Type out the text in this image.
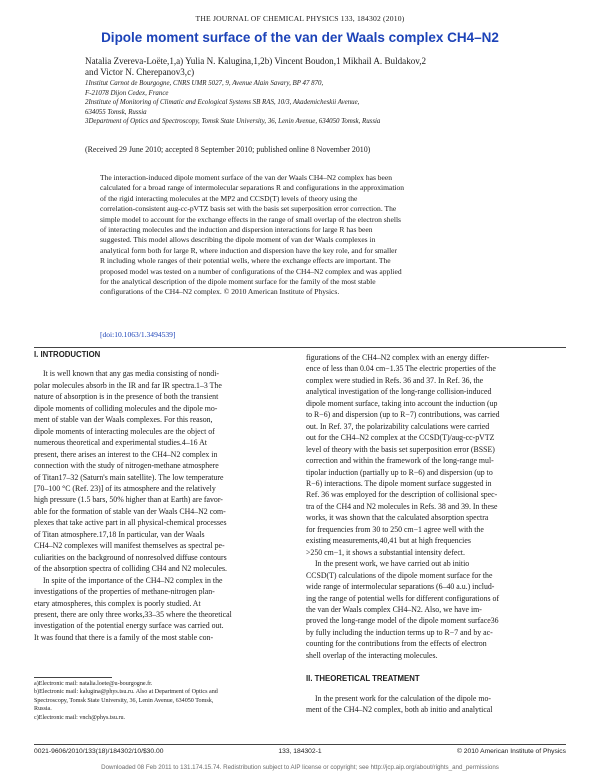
THE JOURNAL OF CHEMICAL PHYSICS 133, 184302 (2010)
Dipole moment surface of the van der Waals complex CH4–N2
Natalia Zvereva-Loëte,1,a) Yulia N. Kalugina,1,2b) Vincent Boudon,1 Mikhail A. Buldakov,2
and Victor N. Cherepanov3,c)
1Institut Carnot de Bourgogne, CNRS UMR 5027, 9, Avenue Alain Savary, BP 47 870,
F-21078 Dijon Cedex, France
2Institute of Monitoring of Climatic and Ecological Systems SB RAS, 10/3, Akademicheskii Avenue,
634055 Tomsk, Russia
3Department of Optics and Spectroscopy, Tomsk State University, 36, Lenin Avenue, 634050 Tomsk, Russia
(Received 29 June 2010; accepted 8 September 2010; published online 8 November 2010)
The interaction-induced dipole moment surface of the van der Waals CH4–N2 complex has been
calculated for a broad range of intermolecular separations R and configurations in the approximation
of the rigid interacting molecules at the MP2 and CCSD(T) levels of theory using the
correlation-consistent aug-cc-pVTZ basis set with the basis set superposition error correction. The
simple model to account for the exchange effects in the range of small overlap of the electron shells
of interacting molecules and the induction and dispersion interactions for large R has been
suggested. This model allows describing the dipole moment of van der Waals complexes in
analytical form both for large R, where induction and dispersion have the key role, and for smaller
R including whole ranges of their potential wells, where the exchange effects are important. The
proposed model was tested on a number of configurations of the CH4–N2 complex and was applied
for the analytical description of the dipole moment surface for the family of the most stable
configurations of the CH4–N2 complex. © 2010 American Institute of Physics.
[doi:10.1063/1.3494539]
I. INTRODUCTION
It is well known that any gas media consisting of nondi-
polar molecules absorb in the IR and far IR spectra.1–3 The
nature of absorption is in the presence of both the transient
dipole moments of colliding molecules and the dipole mo-
ment of stable van der Waals complexes. For this reason,
dipole moments of interacting molecules are the object of
numerous theoretical and experimental studies.4–16 At
present, there arises an interest to the CH4–N2 complex in
connection with the study of nitrogen-methane atmosphere
of Titan17–32 (Saturn's main satellite). The low temperature
[70–100 °C (Ref. 23)] of its atmosphere and the relatively
high pressure (1.5 bars, 50% higher than at Earth) are favor-
able for the formation of stable van der Waals CH4–N2 com-
plexes that take active part in all physical-chemical processes
of Titan atmosphere.17,18 In particular, van der Waals
CH4–N2 complexes will manifest themselves as spectral pe-
culiarities on the background of nonresolved diffuse contours
of the absorption spectra of colliding CH4 and N2 molecules.
In spite of the importance of the CH4–N2 complex in the
investigations of the properties of methane-nitrogen plan-
etary atmospheres, this complex is poorly studied. At
present, there are only three works,33–35 where the theoretical
investigation of the potential energy surface was carried out.
It was found that there is a family of the most stable con-
figurations of the CH4–N2 complex with an energy differ-
ence of less than 0.04 cm−1.35 The electric properties of the
complex were studied in Refs. 36 and 37. In Ref. 36, the
analytical investigation of the long-range collision-induced
dipole moment surface, taking into account the induction (up
to R−6) and dispersion (up to R−7) contributions, was carried
out. In Ref. 37, the polarizability calculations were carried
out for the CH4–N2 complex at the CCSD(T)/aug-cc-pVTZ
level of theory with the basis set superposition error (BSSE)
correction and within the framework of the long-range mul-
tipolar induction (partially up to R−6) and dispersion (up to
R−6) interactions. The dipole moment surface suggested in
Ref. 36 was employed for the description of collisional spec-
tra of the CH4 and N2 molecules in Refs. 38 and 39. In these
works, it was shown that the calculated absorption spectra
for frequencies from 30 to 250 cm−1 agree well with the
existing measurements,40,41 but at high frequencies
>250 cm−1, it shows a substantial intensity defect.
In the present work, we have carried out ab initio
CCSD(T) calculations of the dipole moment surface for the
wide range of intermolecular separations (6–40 a.u.) includ-
ing the range of potential wells for different configurations of
the van der Waals complex CH4–N2. Also, we have im-
proved the long-range model of the dipole moment surface36
by fully including the induction terms up to R−7 and by ac-
counting for the contributions from the effects of electron
shell overlap of the interacting molecules.
II. THEORETICAL TREATMENT
In the present work for the calculation of the dipole mo-
ment of the CH4–N2 complex, both ab initio and analytical
a)Electronic mail: natalia.loete@u-bourgogne.fr.
b)Electronic mail: kalugina@phys.tsu.ru. Also at Department of Optics and
Spectroscopy, Tomsk State University, 36, Lenin Avenue, 634050 Tomsk,
Russia.
c)Electronic mail: vnch@phys.tsu.ru.
0021-9606/2010/133(18)/184302/10/$30.00	133, 184302-1	© 2010 American Institute of Physics
Downloaded 08 Feb 2011 to 131.174.15.74. Redistribution subject to AIP license or copyright; see http://jcp.aip.org/about/rights_and_permissions
